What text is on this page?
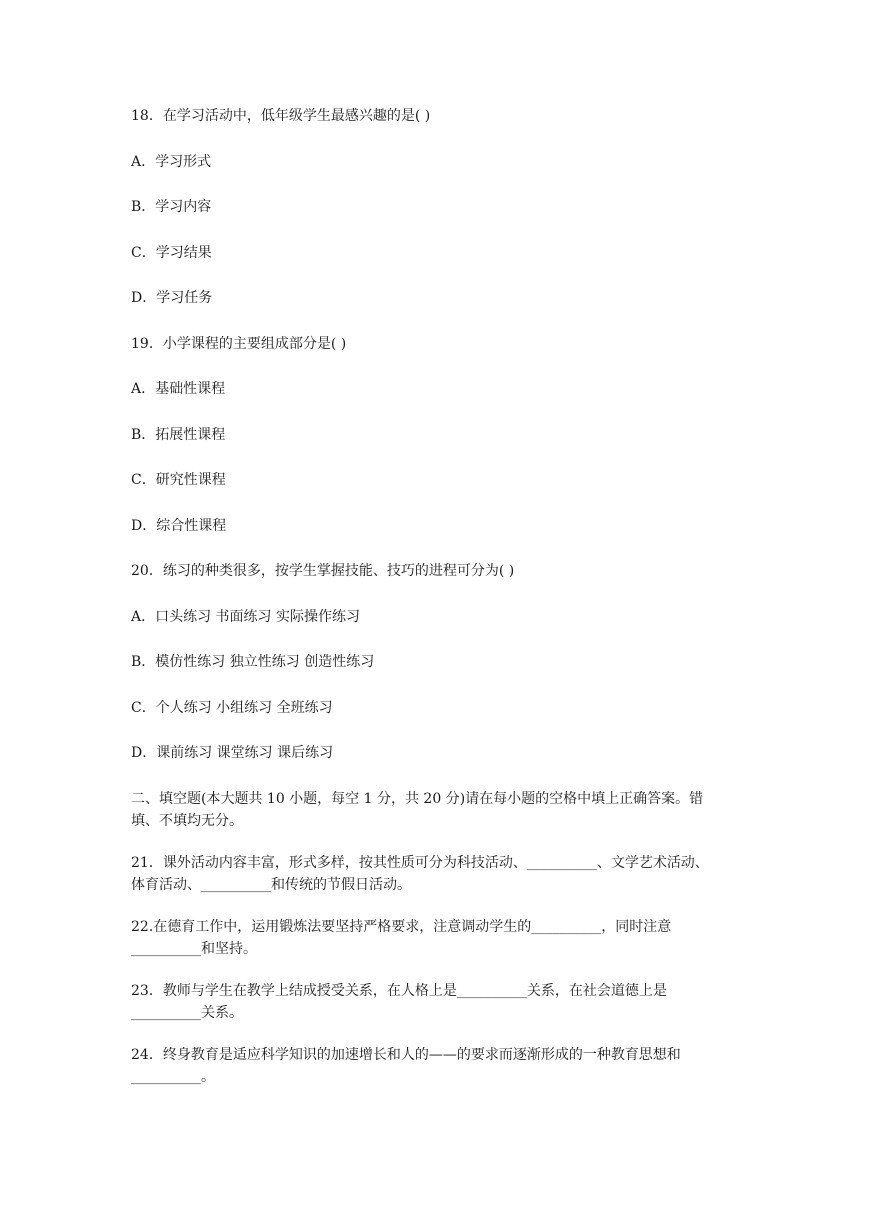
18．在学习活动中，低年级学生最感兴趣的是( )

A．学习形式

B．学习内容

C．学习结果

D．学习任务

19．小学课程的主要组成部分是( )

A．基础性课程

B．拓展性课程

C．研究性课程

D．综合性课程

20．练习的种类很多，按学生掌握技能、技巧的进程可分为( )

A．口头练习 书面练习 实际操作练习

B．模仿性练习 独立性练习 创造性练习

C．个人练习 小组练习 全班练习

D．课前练习 课堂练习 课后练习

二、填空题(本大题共 10 小题，每空 1 分，共 20 分)请在每小题的空格中填上正确答案。错

填、不填均无分。

21．课外活动内容丰富，形式多样，按其性质可分为科技活动、__________、文学艺术活动、

体育活动、__________和传统的节假日活动。

22.在德育工作中，运用锻炼法要坚持严格要求，注意调动学生的__________，同时注意

__________和坚持。

23．教师与学生在教学上结成授受关系，在人格上是__________关系，在社会道德上是

__________关系。

24．终身教育是适应科学知识的加速增长和人的——的要求而逐渐形成的一种教育思想和

__________。
